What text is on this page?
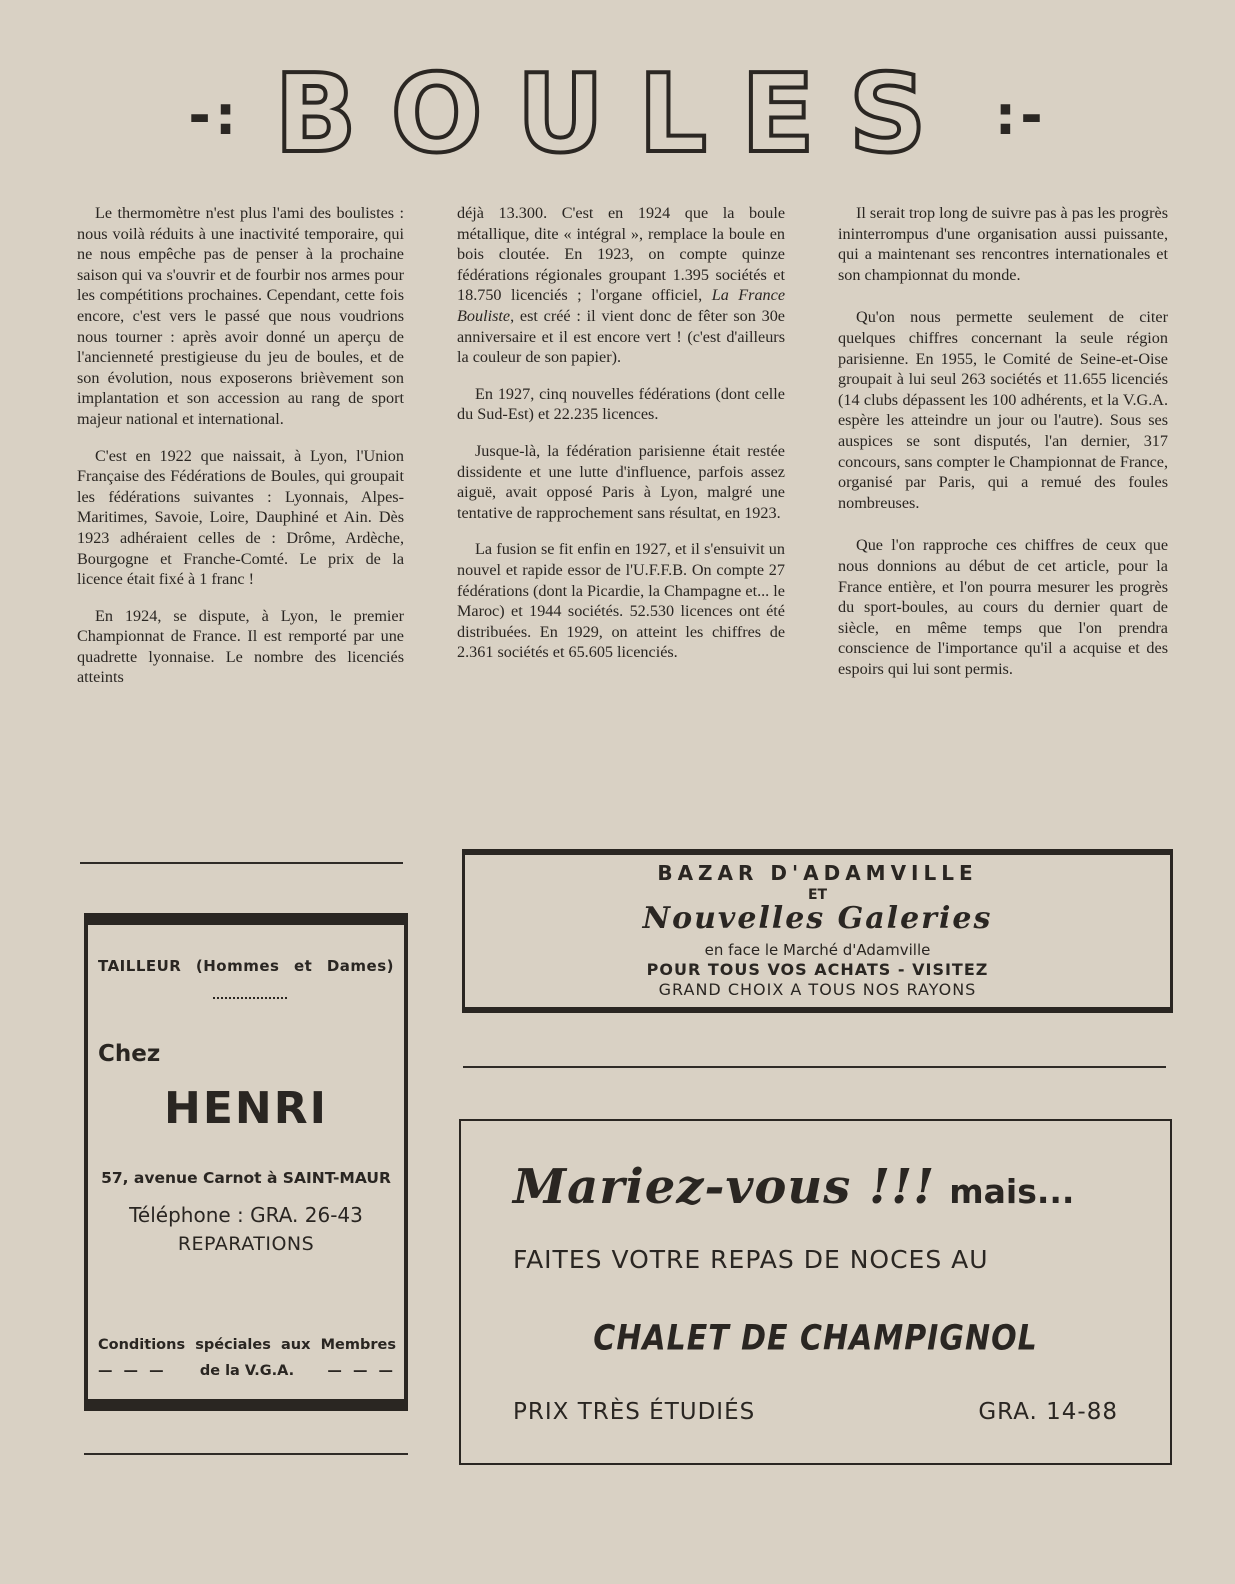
-: BOULES :-

Le thermomètre n'est plus l'ami des boulistes : nous voilà réduits à une inactivité temporaire, qui ne nous empêche pas de penser à la prochaine saison qui va s'ouvrir et de fourbir nos armes pour les compétitions prochaines. Cependant, cette fois encore, c'est vers le passé que nous voudrions nous tourner : après avoir donné un aperçu de l'ancienneté prestigieuse du jeu de boules, et de son évolution, nous exposerons brièvement son implantation et son accession au rang de sport majeur national et international.

C'est en 1922 que naissait, à Lyon, l'Union Française des Fédérations de Boules, qui groupait les fédérations suivantes : Lyonnais, Alpes-Maritimes, Savoie, Loire, Dauphiné et Ain. Dès 1923 adhéraient celles de : Drôme, Ardèche, Bourgogne et Franche-Comté. Le prix de la licence était fixé à 1 franc !

En 1924, se dispute, à Lyon, le premier Championnat de France. Il est remporté par une quadrette lyonnaise. Le nombre des licenciés atteints

déjà 13.300. C'est en 1924 que la boule métallique, dite « intégral », remplace la boule en bois cloutée. En 1923, on compte quinze fédérations régionales groupant 1.395 sociétés et 18.750 licenciés ; l'organe officiel, La France Bouliste, est créé : il vient donc de fêter son 30e anniversaire et il est encore vert ! (c'est d'ailleurs la couleur de son papier).

En 1927, cinq nouvelles fédérations (dont celle du Sud-Est) et 22.235 licences.

Jusque-là, la fédération parisienne était restée dissidente et une lutte d'influence, parfois assez aiguë, avait opposé Paris à Lyon, malgré une tentative de rapprochement sans résultat, en 1923.

La fusion se fit enfin en 1927, et il s'ensuivit un nouvel et rapide essor de l'U.F.F.B. On compte 27 fédérations (dont la Picardie, la Champagne et... le Maroc) et 1944 sociétés. 52.530 licences ont été distribuées. En 1929, on atteint les chiffres de 2.361 sociétés et 65.605 licenciés.

Il serait trop long de suivre pas à pas les progrès ininterrompus d'une organisation aussi puissante, qui a maintenant ses rencontres internationales et son championnat du monde.

Qu'on nous permette seulement de citer quelques chiffres concernant la seule région parisienne. En 1955, le Comité de Seine-et-Oise groupait à lui seul 263 sociétés et 11.655 licenciés (14 clubs dépassent les 100 adhérents, et la V.G.A. espère les atteindre un jour ou l'autre). Sous ses auspices se sont disputés, l'an dernier, 317 concours, sans compter le Championnat de France, organisé par Paris, qui a remué des foules nombreuses.

Que l'on rapproche ces chiffres de ceux que nous donnions au début de cet article, pour la France entière, et l'on pourra mesurer les progrès du sport-boules, au cours du dernier quart de siècle, en même temps que l'on prendra conscience de l'importance qu'il a acquise et des espoirs qui lui sont permis.

TAILLEUR (Hommes et Dames)
Chez
HENRI
57, avenue Carnot à SAINT-MAUR
Téléphone : GRA. 26-43
REPARATIONS
Conditions spéciales aux Membres
— — — de la V.G.A. — — —
BAZAR D'ADAMVILLE
ET
Nouvelles Galeries
en face le Marché d'Adamville
POUR TOUS VOS ACHATS - VISITEZ
GRAND CHOIX A TOUS NOS RAYONS
Mariez-vous !!! mais...
FAITES VOTRE REPAS DE NOCES AU
CHALET DE CHAMPIGNOL
PRIX TRÈS ÉTUDIÉS	GRA. 14-88
